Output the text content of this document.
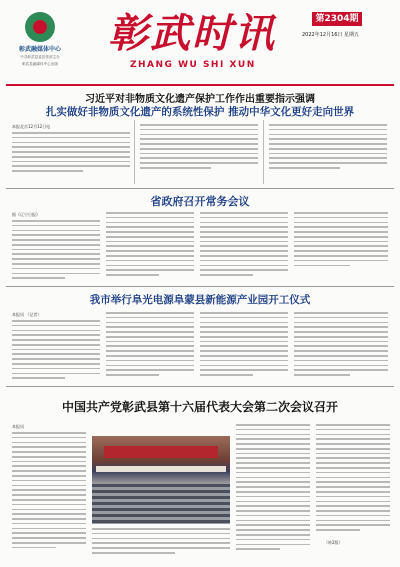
彰武融媒体中心
中共彰武县委宣传部主办
彰武县融媒体中心出版
彰武时讯
ZHANG WU SHI XUN
第2304期
2022年12月16日 星期五
习近平对非物质文化遗产保护工作作出重要指示强调
扎实做好非物质文化遗产的系统性保护 推动中华文化更好走向世界
本报北京12月12日电
省政府召开常务会议
据《辽宁日报》
我市举行阜光电源阜蒙县新能源产业园开工仪式
本报讯 （记者）
中国共产党彰武县第十六届代表大会第二次会议召开
本报讯
（转2版）
